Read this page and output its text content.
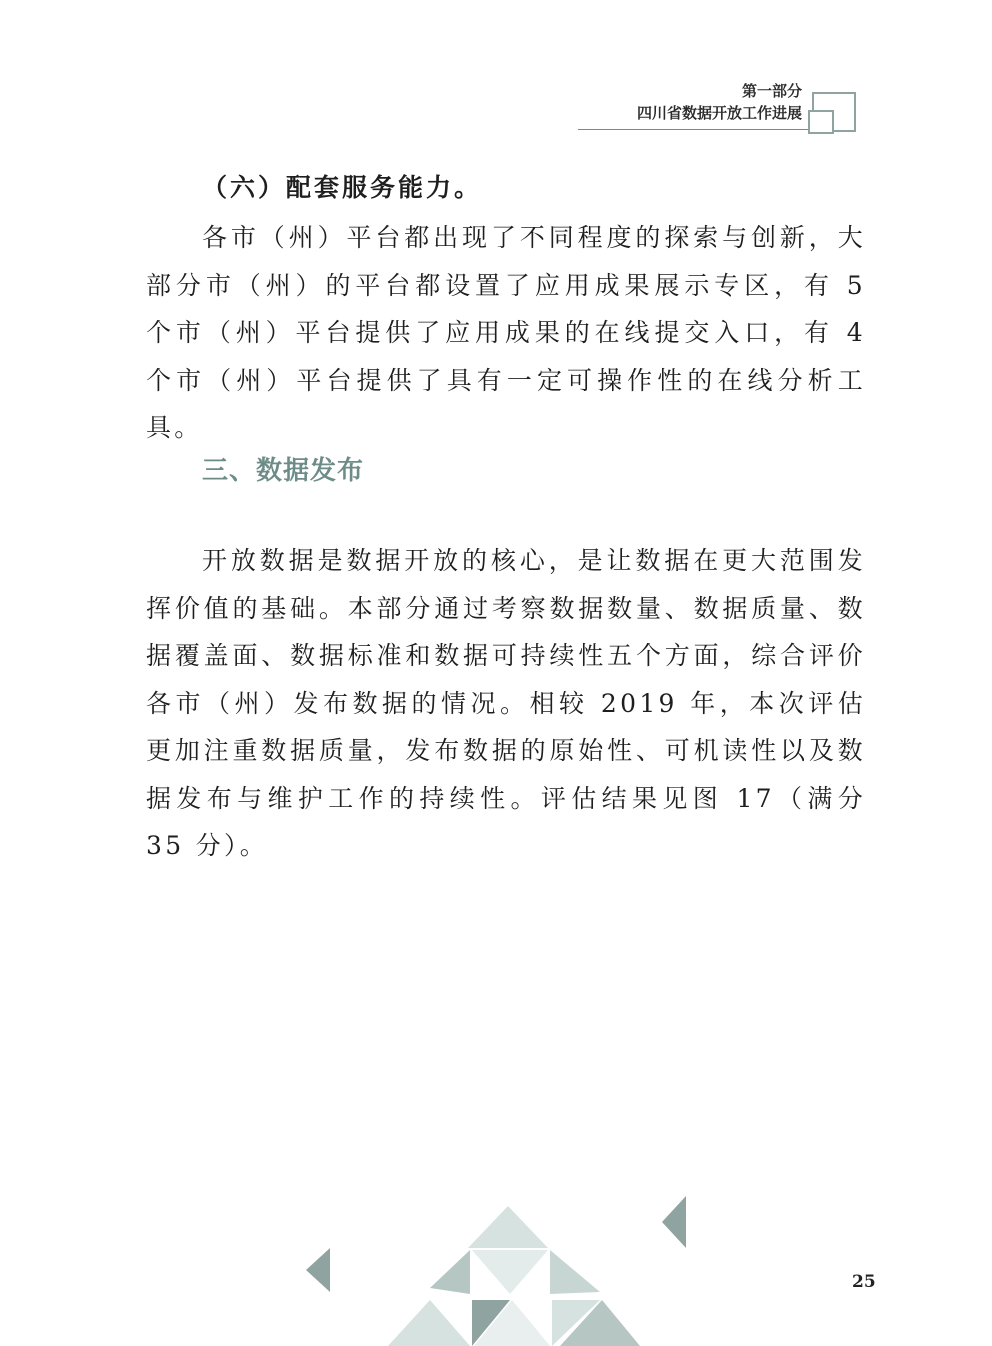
第一部分
四川省数据开放工作进展
（六）配套服务能力。

各市（州）平台都出现了不同程度的探索与创新，大部分市（州）的平台都设置了应用成果展示专区，有 5 个市（州）平台提供了应用成果的在线提交入口，有 4 个市（州）平台提供了具有一定可操作性的在线分析工具。

三、数据发布

开放数据是数据开放的核心，是让数据在更大范围发挥价值的基础。本部分通过考察数据数量、数据质量、数据覆盖面、数据标准和数据可持续性五个方面，综合评价各市（州）发布数据的情况。相较 2019 年，本次评估更加注重数据质量，发布数据的原始性、可机读性以及数据发布与维护工作的持续性。评估结果见图 17（满分 35 分）。

25
